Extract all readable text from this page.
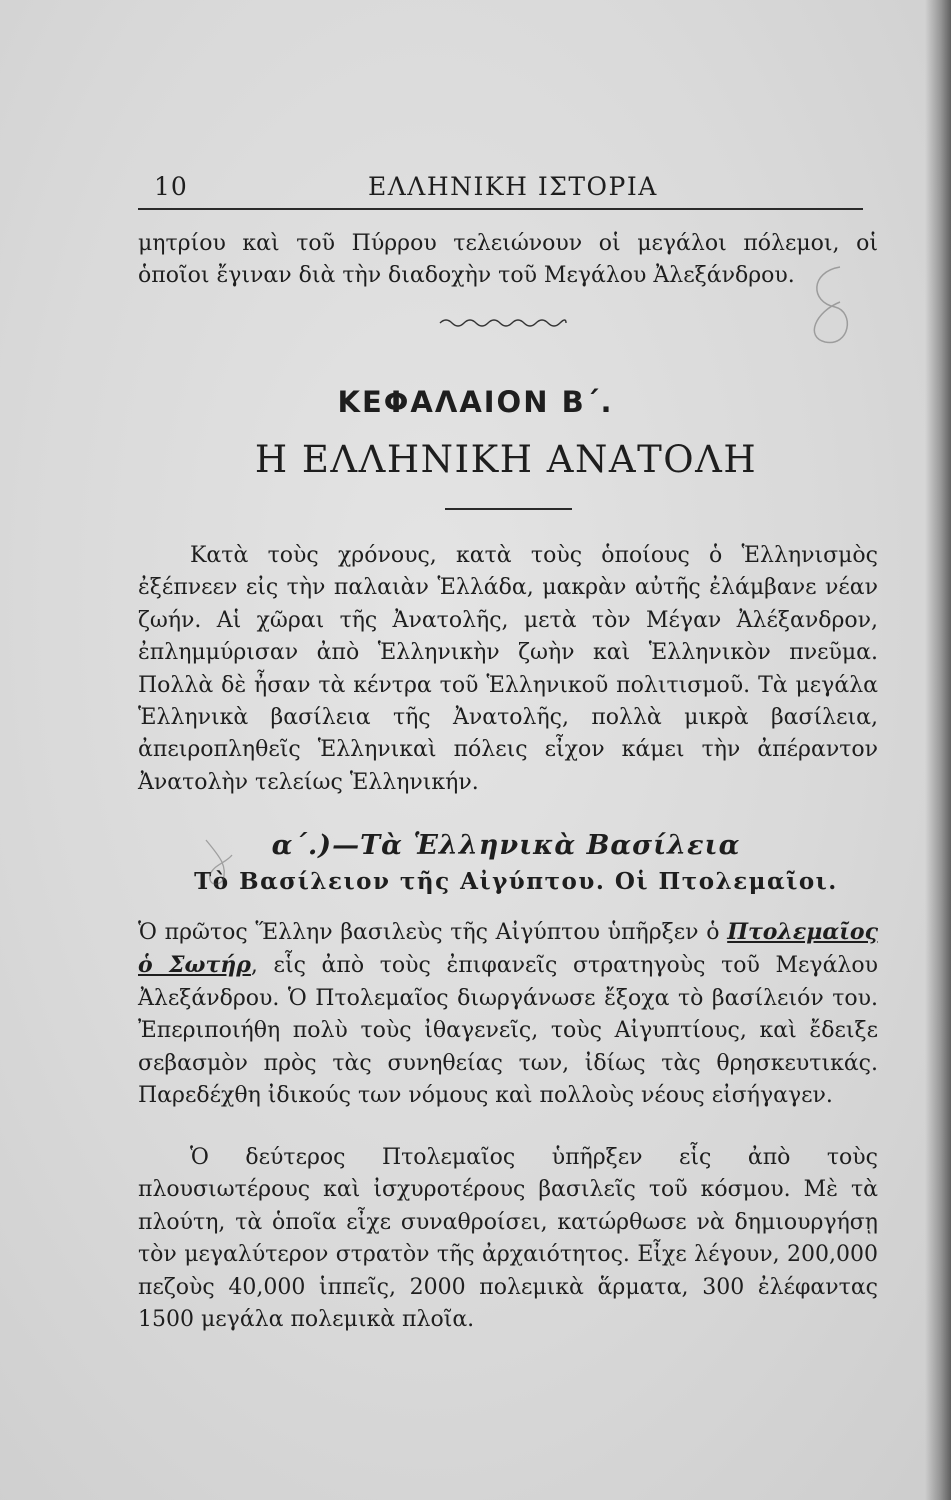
10	ΕΛΛΗΝΙΚΗ ΙΣΤΟΡΙΑ

μητρίου καὶ τοῦ Πύρρου τελειώνουν οἱ μεγάλοι πόλεμοι, οἱ ὁποῖοι ἔγιναν διὰ τὴν διαδοχὴν τοῦ Μεγάλου Ἀλεξάνδρου.

ΚΕΦΑΛΑΙΟΝ Β΄.
Η ΕΛΛΗΝΙΚΗ ΑΝΑΤΟΛΗ

Κατὰ τοὺς χρόνους, κατὰ τοὺς ὁποίους ὁ Ἑλληνισμὸς ἐξέπνεεν εἰς τὴν παλαιὰν Ἑλλάδα, μακρὰν αὐτῆς ἐλάμβανε νέαν ζωήν. Αἱ χῶραι τῆς Ἀνατολῆς, μετὰ τὸν Μέγαν Ἀλέξανδρον, ἐπλημμύρισαν ἀπὸ Ἑλληνικὴν ζωὴν καὶ Ἑλληνικὸν πνεῦμα. Πολλὰ δὲ ἦσαν τὰ κέντρα τοῦ Ἑλληνικοῦ πολιτισμοῦ. Τὰ μεγάλα Ἑλληνικὰ βασίλεια τῆς Ἀνατολῆς, πολλὰ μικρὰ βασίλεια, ἀπειροπληθεῖς Ἑλληνικαὶ πόλεις εἶχον κάμει τὴν ἀπέραντον Ἀνατολὴν τελείως Ἑλληνικήν.

α΄.)—Τὰ Ἑλληνικὰ Βασίλεια
Τὸ Βασίλειον τῆς Αἰγύπτου. Οἱ Πτολεμαῖοι.

Ὁ πρῶτος Ἕλλην βασιλεὺς τῆς Αἰγύπτου ὑπῆρξεν ὁ Πτολεμαῖος ὁ Σωτήρ, εἷς ἀπὸ τοὺς ἐπιφανεῖς στρατηγοὺς τοῦ Μεγάλου Ἀλεξάνδρου. Ὁ Πτολεμαῖος διωργάνωσε ἔξοχα τὸ βασίλειόν του. Ἐπεριποιήθη πολὺ τοὺς ἰθαγενεῖς, τοὺς Αἰγυπτίους, καὶ ἔδειξε σεβασμὸν πρὸς τὰς συνηθείας των, ἰδίως τὰς θρησκευτικάς. Παρεδέχθη ἰδικούς των νόμους καὶ πολλοὺς νέους εἰσήγαγεν.

Ὁ δεύτερος Πτολεμαῖος ὑπῆρξεν εἷς ἀπὸ τοὺς πλουσιωτέρους καὶ ἰσχυροτέρους βασιλεῖς τοῦ κόσμου. Μὲ τὰ πλούτη, τὰ ὁποῖα εἶχε συναθροίσει, κατώρθωσε νὰ δημιουργήσῃ τὸν μεγαλύτερον στρατὸν τῆς ἀρχαιότητος. Εἶχε λέγουν, 200,000 πεζοὺς 40,000 ἱππεῖς, 2000 πολεμικὰ ἅρματα, 300 ἐλέφαντας 1500 μεγάλα πολεμικὰ πλοῖα.
